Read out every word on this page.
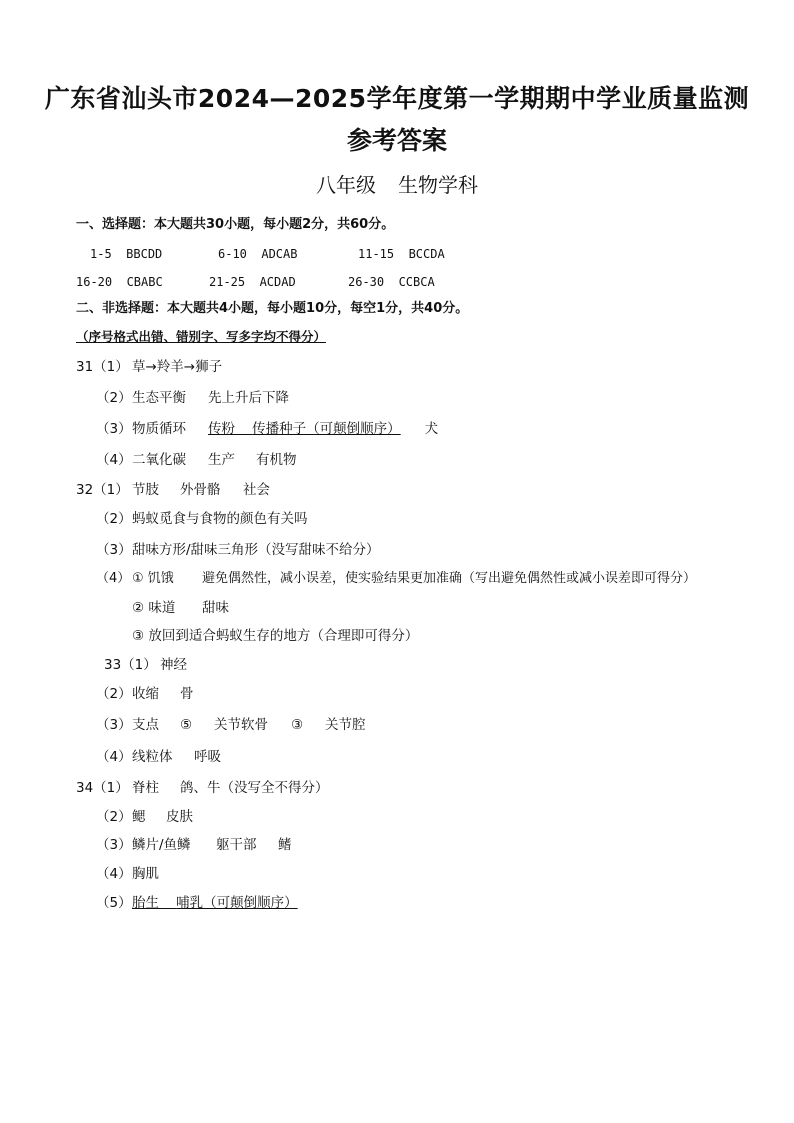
广东省汕头市2024—2025学年度第一学期期中学业质量监测
参考答案
八年级 生物学科
一、选择题：本大题共30小题，每小题2分，共60分。
1-5 BBCDD	6-10 ADCAB	11-15 BCCDA
16-20 CBABC	21-25 ACDAD	26-30 CCBCA
二、非选择题：本大题共4小题，每小题10分，每空1分，共40分。
（序号格式出错、错别字、写多字均不得分）
31（1） 草→羚羊→狮子
（2）生态平衡 先上升后下降
（3）物质循环 传粉 传播种子（可颠倒顺序） 犬
（4）二氧化碳 生产 有机物
32（1） 节肢 外骨骼 社会
（2）蚂蚁觅食与食物的颜色有关吗
（3）甜味方形/甜味三角形（没写甜味不给分）
（4） ① 饥饿 避免偶然性，减小误差，使实验结果更加准确（写出避免偶然性或减小误差即可得分）
② 味道 甜味
③ 放回到适合蚂蚁生存的地方（合理即可得分）
33（1） 神经
（2）收缩 骨
（3）支点 ⑤ 关节软骨 ③ 关节腔
（4）线粒体 呼吸
34（1） 脊柱 鸽、牛（没写全不得分）
（2）鳃 皮肤
（3）鳞片/鱼鳞 躯干部 鳍
（4）胸肌
（5）胎生 哺乳（可颠倒顺序）
